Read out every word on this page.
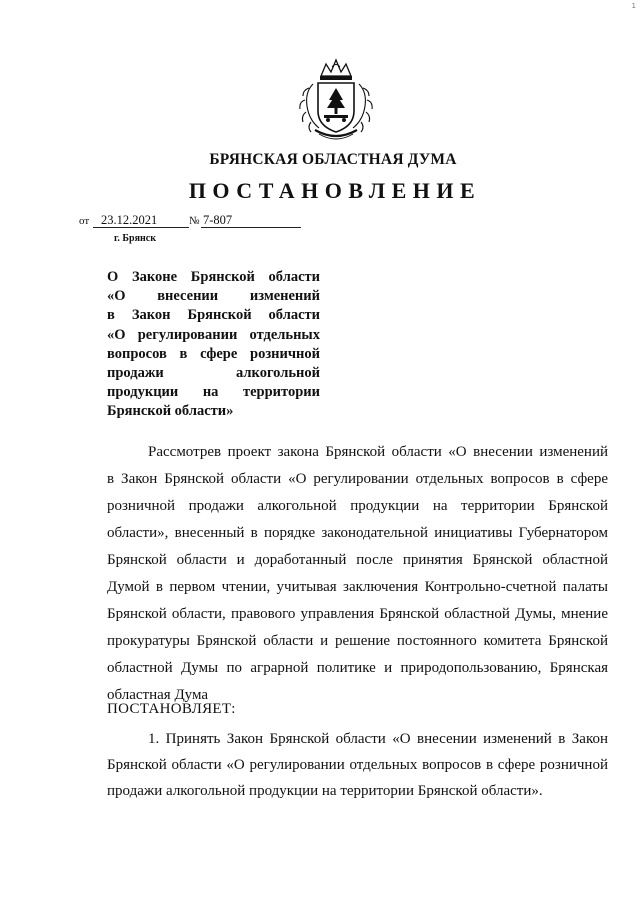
1
БРЯНСКАЯ ОБЛАСТНАЯ ДУМА
ПОСТАНОВЛЕНИЕ
от 23.12.2021	№ 7-807
г. Брянск
О Законе Брянской области
«О внесении изменений
в Закон Брянской области
«О регулировании отдельных
вопросов в сфере розничной
продажи алкогольной
продукции на территории
Брянской области»
Рассмотрев проект закона Брянской области «О внесении изменений
в Закон Брянской области «О регулировании отдельных вопросов в сфере
розничной продажи алкогольной продукции на территории Брянской
области», внесенный в порядке законодательной инициативы Губернатором
Брянской области и доработанный после принятия Брянской областной
Думой в первом чтении, учитывая заключения Контрольно-счетной палаты
Брянской области, правового управления Брянской областной Думы, мнение
прокуратуры Брянской области и решение постоянного комитета Брянской
областной Думы по аграрной политике и природопользованию, Брянская
областная Дума
ПОСТАНОВЛЯЕТ:
1. Принять Закон Брянской области «О внесении изменений в Закон
Брянской области «О регулировании отдельных вопросов в сфере розничной
продажи алкогольной продукции на территории Брянской области».
